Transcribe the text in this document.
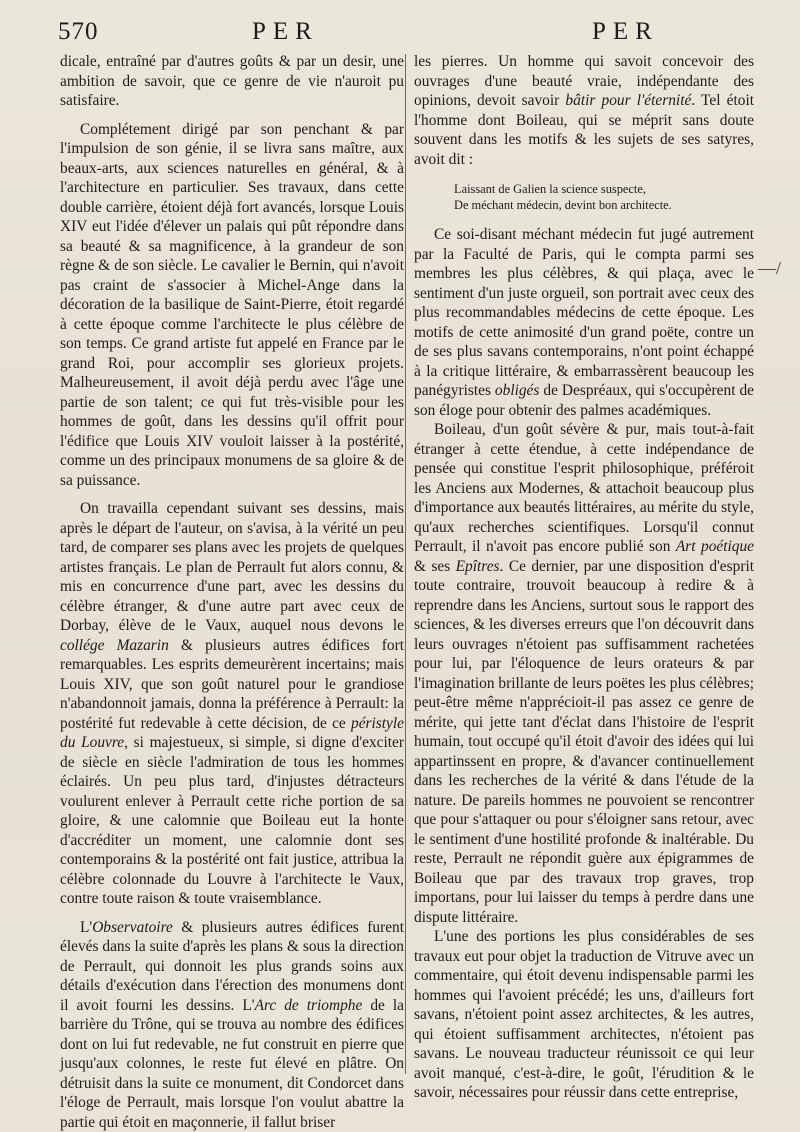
570	PER	PER
—/

dicale, entraîné par d'autres goûts & par un desir, une ambition de savoir, que ce genre de vie n'auroit pu satisfaire.

Complétement dirigé par son penchant & par l'impulsion de son génie, il se livra sans maître, aux beaux-arts, aux sciences naturelles en général, & à l'architecture en particulier. Ses travaux, dans cette double carrière, étoient déjà fort avancés, lorsque Louis XIV eut l'idée d'élever un palais qui pût répondre dans sa beauté & sa magnificence, à la grandeur de son règne & de son siècle. Le cavalier le Bernin, qui n'avoit pas craint de s'associer à Michel-Ange dans la décoration de la basilique de Saint-Pierre, étoit regardé à cette époque comme l'architecte le plus célèbre de son temps. Ce grand artiste fut appelé en France par le grand Roi, pour accomplir ses glorieux projets. Malheureusement, il avoit déjà perdu avec l'âge une partie de son talent; ce qui fut très-visible pour les hommes de goût, dans les dessins qu'il offrit pour l'édifice que Louis XIV vouloit laisser à la postérité, comme un des principaux monumens de sa gloire & de sa puissance.

On travailla cependant suivant ses dessins, mais après le départ de l'auteur, on s'avisa, à la vérité un peu tard, de comparer ses plans avec les projets de quelques artistes français. Le plan de Perrault fut alors connu, & mis en concurrence d'une part, avec les dessins du célèbre étranger, & d'une autre part avec ceux de Dorbay, élève de le Vaux, auquel nous devons le collége Mazarin & plusieurs autres édifices fort remarquables. Les esprits demeurèrent incertains; mais Louis XIV, que son goût naturel pour le grandiose n'abandonnoit jamais, donna la préférence à Perrault: la postérité fut redevable à cette décision, de ce péristyle du Louvre, si majestueux, si simple, si digne d'exciter de siècle en siècle l'admiration de tous les hommes éclairés. Un peu plus tard, d'injustes détracteurs voulurent enlever à Perrault cette riche portion de sa gloire, & une calomnie que Boileau eut la honte d'accréditer un moment, une calomnie dont ses contemporains & la postérité ont fait justice, attribua la célèbre colonnade du Louvre à l'architecte le Vaux, contre toute raison & toute vraisemblance.

L'Observatoire & plusieurs autres édifices furent élevés dans la suite d'après les plans & sous la direction de Perrault, qui donnoit les plus grands soins aux détails d'exécution dans l'érection des monumens dont il avoit fourni les dessins. L'Arc de triomphe de la barrière du Trône, qui se trouva au nombre des édifices dont on lui fut redevable, ne fut construit en pierre que jusqu'aux colonnes, le reste fut élevé en plâtre. On détruisit dans la suite ce monument, dit Condorcet dans l'éloge de Perrault, mais lorsque l'on voulut abattre la partie qui étoit en maçonnerie, il fallut briser

les pierres. Un homme qui savoit concevoir des ouvrages d'une beauté vraie, indépendante des opinions, devoit savoir bâtir pour l'éternité. Tel étoit l'homme dont Boileau, qui se méprit sans doute souvent dans les motifs & les sujets de ses satyres, avoit dit :

Laissant de Galien la science suspecte,
De méchant médecin, devint bon architecte.

Ce soi-disant méchant médecin fut jugé autrement par la Faculté de Paris, qui le compta parmi ses membres les plus célèbres, & qui plaça, avec le sentiment d'un juste orgueil, son portrait avec ceux des plus recommandables médecins de cette époque. Les motifs de cette animosité d'un grand poëte, contre un de ses plus savans contemporains, n'ont point échappé à la critique littéraire, & embarrassèrent beaucoup les panégyristes obligés de Despréaux, qui s'occupèrent de son éloge pour obtenir des palmes académiques.

Boileau, d'un goût sévère & pur, mais tout-à-fait étranger à cette étendue, à cette indépendance de pensée qui constitue l'esprit philosophique, préféroit les Anciens aux Modernes, & attachoit beaucoup plus d'importance aux beautés littéraires, au mérite du style, qu'aux recherches scientifiques. Lorsqu'il connut Perrault, il n'avoit pas encore publié son Art poétique & ses Epîtres. Ce dernier, par une disposition d'esprit toute contraire, trouvoit beaucoup à redire & à reprendre dans les Anciens, surtout sous le rapport des sciences, & les diverses erreurs que l'on découvrit dans leurs ouvrages n'étoient pas suffisamment rachetées pour lui, par l'éloquence de leurs orateurs & par l'imagination brillante de leurs poëtes les plus célèbres; peut-être même n'apprécioit-il pas assez ce genre de mérite, qui jette tant d'éclat dans l'histoire de l'esprit humain, tout occupé qu'il étoit d'avoir des idées qui lui appartinssent en propre, & d'avancer continuellement dans les recherches de la vérité & dans l'étude de la nature. De pareils hommes ne pouvoient se rencontrer que pour s'attaquer ou pour s'éloigner sans retour, avec le sentiment d'une hostilité profonde & inaltérable. Du reste, Perrault ne répondit guère aux épigrammes de Boileau que par des travaux trop graves, trop importans, pour lui laisser du temps à perdre dans une dispute littéraire.

L'une des portions les plus considérables de ses travaux eut pour objet la traduction de Vitruve avec un commentaire, qui étoit devenu indispensable parmi les hommes qui l'avoient précédé; les uns, d'ailleurs fort savans, n'étoient point assez architectes, & les autres, qui étoient suffisamment architectes, n'étoient pas savans. Le nouveau traducteur réunissoit ce qui leur avoit manqué, c'est-à-dire, le goût, l'érudition & le savoir, nécessaires pour réussir dans cette entreprise,
